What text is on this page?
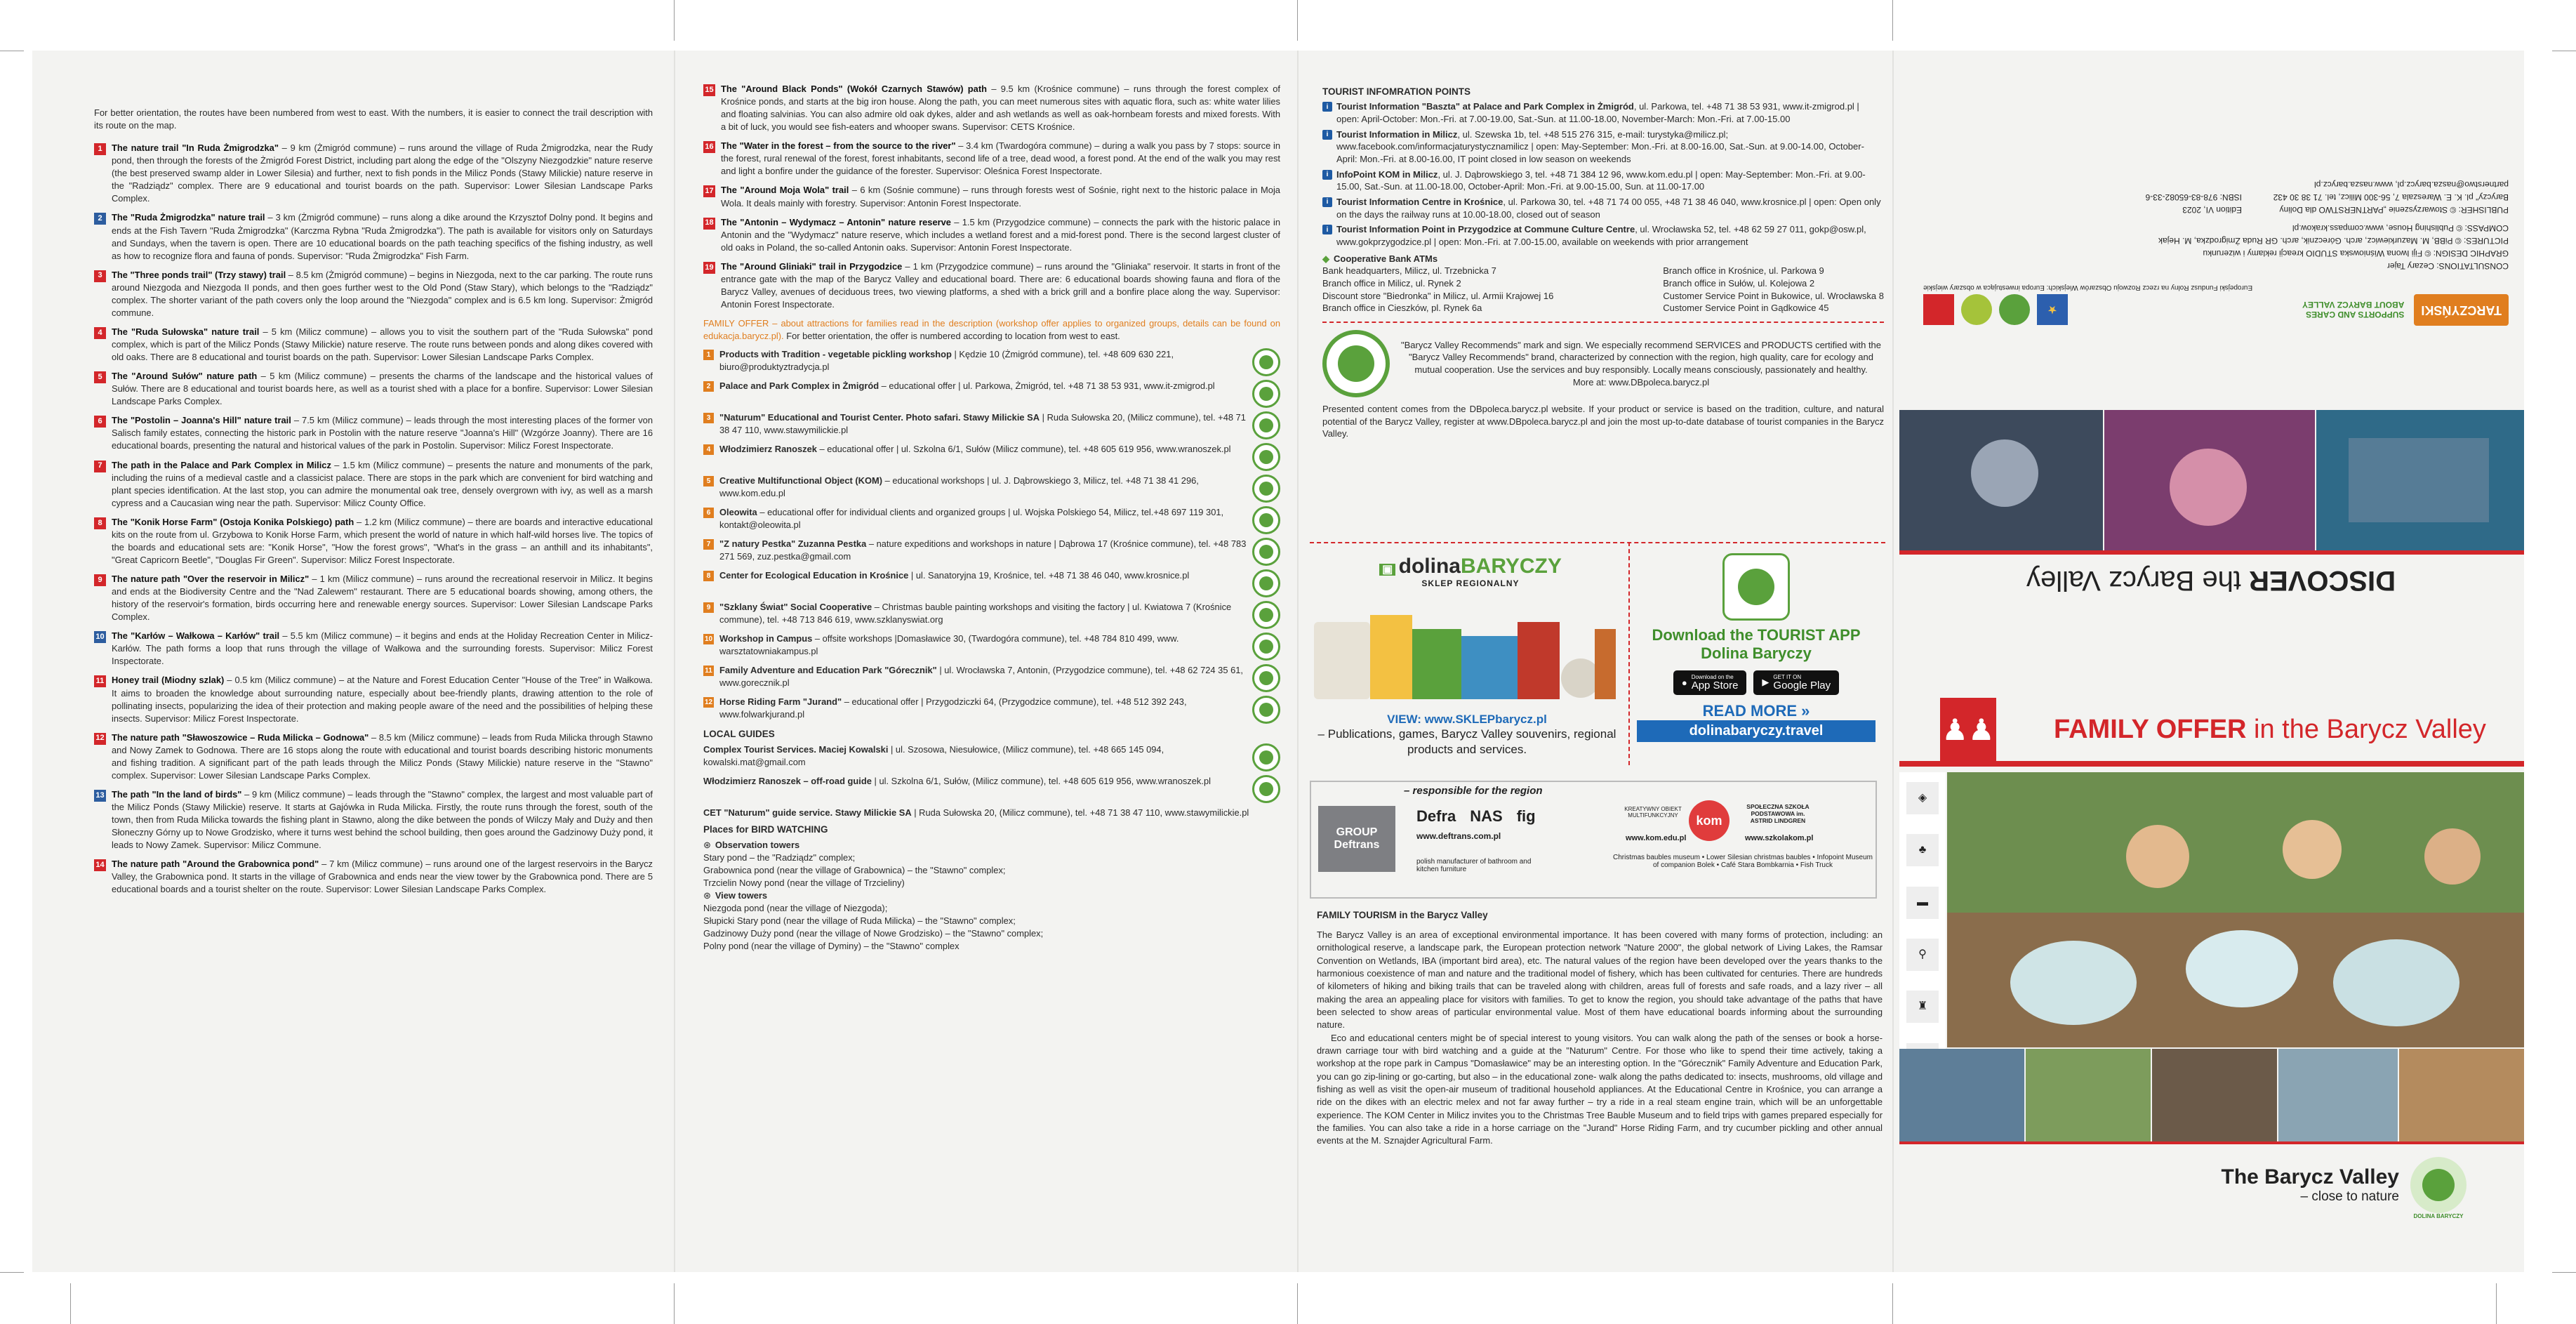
For better orientation, the routes have been numbered from west to east. With the numbers, it is easier to connect the trail description with its route on the map.

1	The nature trail "In Ruda Żmigrodzka" – 9 km (Żmigród commune) – runs around the village of Ruda Żmigrodzka, near the Rudy pond, then through the forests of the Żmigród Forest District, including part along the edge of the "Olszyny Niezgodzkie" nature reserve (the best preserved swamp alder in Lower Silesia) and further, next to fish ponds in the Milicz Ponds (Stawy Milickie) nature reserve in the "Radziądz" complex. There are 9 educational and tourist boards on the path. Supervisor: Lower Silesian Landscape Parks Complex.
2	The "Ruda Żmigrodzka" nature trail – 3 km (Żmigród commune) – runs along a dike around the Krzysztof Dolny pond. It begins and ends at the Fish Tavern "Ruda Żmigrodzka" (Karczma Rybna "Ruda Żmigrodzka"). The path is available for visitors only on Saturdays and Sundays, when the tavern is open. There are 10 educational boards on the path teaching specifics of the fishing industry, as well as how to recognize flora and fauna of ponds. Supervisor: "Ruda Żmigrodzka" Fish Farm.
3	The "Three ponds trail" (Trzy stawy) trail – 8.5 km (Żmigród commune) – begins in Niezgoda, next to the car parking. The route runs around Niezgoda and Niezgoda II ponds, and then goes further west to the Old Pond (Staw Stary), which belongs to the "Radziądz" complex. The shorter variant of the path covers only the loop around the "Niezgoda" complex and is 6.5 km long. Supervisor: Żmigród commune.
4	The "Ruda Sułowska" nature trail – 5 km (Milicz commune) – allows you to visit the southern part of the "Ruda Sułowska" pond complex, which is part of the Milicz Ponds (Stawy Milickie) nature reserve. The route runs between ponds and along dikes covered with old oaks. There are 8 educational and tourist boards on the path. Supervisor: Lower Silesian Landscape Parks Complex.
5	The "Around Sułów" nature path – 5 km (Milicz commune) – presents the charms of the landscape and the historical values of Sułów. There are 8 educational and tourist boards here, as well as a tourist shed with a place for a bonfire. Supervisor: Lower Silesian Landscape Parks Complex.
6	The "Postolin – Joanna's Hill" nature trail – 7.5 km (Milicz commune) – leads through the most interesting places of the former von Salisch family estates, connecting the historic park in Postolin with the nature reserve "Joanna's Hill" (Wzgórze Joanny). There are 16 educational boards, presenting the natural and historical values of the park in Postolin. Supervisor: Milicz Forest Inspectorate.
7	The path in the Palace and Park Complex in Milicz – 1.5 km (Milicz commune) – presents the nature and monuments of the park, including the ruins of a medieval castle and a classicist palace. There are stops in the park which are convenient for bird watching and plant species identification. At the last stop, you can admire the monumental oak tree, densely overgrown with ivy, as well as a marsh cypress and a Caucasian wing near the path. Supervisor: Milicz County Office.
8	The "Konik Horse Farm" (Ostoja Konika Polskiego) path – 1.2 km (Milicz commune) – there are boards and interactive educational kits on the route from ul. Grzybowa to Konik Horse Farm, which present the world of nature in which half-wild horses live. The topics of the boards and educational sets are: "Konik Horse", "How the forest grows", "What's in the grass – an anthill and its inhabitants", "Great Capricorn Beetle", "Douglas Fir Green". Supervisor: Milicz Forest Inspectorate.
9	The nature path "Over the reservoir in Milicz" – 1 km (Milicz commune) – runs around the recreational reservoir in Milicz. It begins and ends at the Biodiversity Centre and the "Nad Zalewem" restaurant. There are 5 educational boards showing, among others, the history of the reservoir's formation, birds occurring here and renewable energy sources. Supervisor: Lower Silesian Landscape Parks Complex.
10 The "Karłów – Wałkowa – Karłów" trail – 5.5 km (Milicz commune) – it begins and ends at the Holiday Recreation Center in Milicz- Karłów. The path forms a loop that runs through the village of Wałkowa and the surrounding forests. Supervisor: Milicz Forest Inspectorate.
11 Honey trail (Miodny szlak) – 0.5 km (Milicz commune) – at the Nature and Forest Education Center "House of the Tree" in Wałkowa. It aims to broaden the knowledge about surrounding nature, especially about bee-friendly plants, drawing attention to the role of pollinating insects, popularizing the idea of their protection and making people aware of the need and the possibilities of helping these insects. Supervisor: Milicz Forest Inspectorate.
12 The nature path "Sławoszowice – Ruda Milicka – Godnowa" – 8.5 km (Milicz commune) – leads from Ruda Milicka through Stawno and Nowy Zamek to Godnowa. There are 16 stops along the route with educational and tourist boards describing historic monuments and fishing tradition. A significant part of the path leads through the Milicz Ponds (Stawy Milickie) nature reserve in the "Stawno" complex. Supervisor: Lower Silesian Landscape Parks Complex.
13 The path "In the land of birds" – 9 km (Milicz commune) – leads through the "Stawno" complex, the largest and most valuable part of the Milicz Ponds (Stawy Milickie) reserve. It starts at Gajówka in Ruda Milicka. Firstly, the route runs through the forest, south of the town, then from Ruda Milicka towards the fishing plant in Stawno, along the dike between the ponds of Wilczy Mały and Duży and then Słoneczny Górny up to Nowe Grodzisko, where it turns west behind the school building, then goes around the Gadzinowy Duży pond, it leads to Nowy Zamek. Supervisor: Milicz Commune.
14 The nature path "Around the Grabownica pond" – 7 km (Milicz commune) – runs around one of the largest reservoirs in the Barycz Valley, the Grabownica pond. It starts in the village of Grabownica and ends near the view tower by the Grabownica pond. There are 5 educational boards and a tourist shelter on the route. Supervisor: Lower Silesian Landscape Parks Complex.
15 The "Around Black Ponds" (Wokół Czarnych Stawów) path – 9.5 km (Krośnice commune) – runs through the forest complex of Krośnice ponds, and starts at the big iron house. Along the path, you can meet numerous sites with aquatic flora, such as: white water lilies and floating salvinias. You can also admire old oak dykes, alder and ash wetlands as well as oak-hornbeam forests and mixed forests. With a bit of luck, you would see fish-eaters and whooper swans. Supervisor: CETS Krośnice.
16 The "Water in the forest – from the source to the river" – 3.4 km (Twardogóra commune) – during a walk you pass by 7 stops: source in the forest, rural renewal of the forest, forest inhabitants, second life of a tree, dead wood, a forest pond. At the end of the walk you may rest and light a bonfire under the guidance of the forester. Supervisor: Oleśnica Forest Inspectorate.
17 The "Around Moja Wola" trail – 6 km (Sośnie commune) – runs through forests west of Sośnie, right next to the historic palace in Moja Wola. It deals mainly with forestry. Supervisor: Antonin Forest Inspectorate.
18 The "Antonin – Wydymacz – Antonin" nature reserve – 1.5 km (Przygodzice commune) – connects the park with the historic palace in Antonin and the "Wydymacz" nature reserve, which includes a wetland forest and a mid-forest pond. There is the second largest cluster of old oaks in Poland, the so-called Antonin oaks. Supervisor: Antonin Forest Inspectorate.
19 The "Around Gliniaki" trail in Przygodzice – 1 km (Przygodzice commune) – runs around the "Gliniaka" reservoir. It starts in front of the entrance gate with the map of the Barycz Valley and educational board. There are: 6 educational boards showing fauna and flora of the Barycz Valley, avenues of deciduous trees, two viewing platforms, a shed with a brick grill and a bonfire place along the way. Supervisor: Antonin Forest Inspectorate.

FAMILY OFFER – about attractions for families read in the description (workshop offer applies to organized groups, details can be found on edukacja.barycz.pl). For better orientation, the offer is numbered according to location from west to east.

1 Products with Tradition - vegetable pickling workshop | Kędzie 10 (Żmigród commune), tel. +48 609 630 221, biuro@produktyztradycja.pl
2 Palace and Park Complex in Żmigród – educational offer | ul. Parkowa, Żmigród, tel. +48 71 38 53 931, www.it-zmigrod.pl
3 "Naturum" Educational and Tourist Center. Photo safari. Stawy Milickie SA | Ruda Sułowska 20, (Milicz commune), tel. +48 71 38 47 110, www.stawymilickie.pl
4 Włodzimierz Ranoszek – educational offer | ul. Szkolna 6/1, Sułów (Milicz commune), tel. +48 605 619 956, www.wranoszek.pl
5 Creative Multifunctional Object (KOM) – educational workshops | ul. J. Dąbrowskiego 3, Milicz, tel. +48 71 38 41 296, www.kom.edu.pl
6 Oleowita – educational offer for individual clients and organized groups | ul. Wojska Polskiego 54, Milicz, tel.+48 697 119 301, kontakt@oleowita.pl
7 "Z natury Pestka" Zuzanna Pestka – nature expeditions and workshops in nature | Dąbrowa 17 (Krośnice commune), tel. +48 783 271 569, zuz.pestka@gmail.com
8 Center for Ecological Education in Krośnice | ul. Sanatoryjna 19, Krośnice, tel. +48 71 38 46 040, www.krosnice.pl
9 "Szklany Świat" Social Cooperative – Christmas bauble painting workshops and visiting the factory | ul. Kwiatowa 7 (Krośnice commune), tel. +48 713 846 619, www.szklanyswiat.org
10 Workshop in Campus – offsite workshops |Domasławice 30, (Twardogóra commune), tel. +48 784 810 499, www. warsztatowniakampus.pl
11 Family Adventure and Education Park "Górecznik" | ul. Wrocławska 7, Antonin, (Przygodzice commune), tel. +48 62 724 35 61, www.gorecznik.pl
12 Horse Riding Farm "Jurand" – educational offer | Przygodziczki 64, (Przygodzice commune), tel. +48 512 392 243, www.folwarkjurand.pl
LOCAL GUIDES
Complex Tourist Services. Maciej Kowalski | ul. Szosowa, Niesułowice, (Milicz commune), tel. +48 665 145 094, kowalski.mat@gmail.com
Włodzimierz Ranoszek – off-road guide | ul. Szkolna 6/1, Sułów, (Milicz commune), tel. +48 605 619 956, www.wranoszek.pl
CET "Naturum" guide service. Stawy Milickie SA | Ruda Sułowska 20, (Milicz commune), tel. +48 71 38 47 110, www.stawymilickie.pl
Places for BIRD WATCHING
⊛ Observation towers
Stary pond – the "Radziądz" complex;
Grabownica pond (near the village of Grabownica) – the "Stawno" complex;
Trzcielin Nowy pond (near the village of Trzcieliny)
⊛ View towers
Niezgoda pond (near the village of Niezgoda);
Słupicki Stary pond (near the village of Ruda Milicka) – the "Stawno" complex;
Gadzinowy Duży pond (near the village of Nowe Grodzisko) – the "Stawno" complex;
Polny pond (near the village of Dyminy) – the "Stawno" complex
TOURIST INFOMRATION POINTS
i Tourist Information "Baszta" at Palace and Park Complex in Żmigród, ul. Parkowa, tel. +48 71 38 53 931, www.it-zmigrod.pl | open: April-October: Mon.-Fri. at 7.00-19.00, Sat.-Sun. at 11.00-18.00, November-March: Mon.-Fri. at 7.00-15.00
i Tourist Information in Milicz, ul. Szewska 1b, tel. +48 515 276 315, e-mail: turystyka@milicz.pl; www.facebook.com/informacjaturystycznamilicz | open: May-September: Mon.-Fri. at 8.00-16.00, Sat.-Sun. at 9.00-14.00, October-April: Mon.-Fri. at 8.00-16.00, IT point closed in low season on weekends
i InfoPoint KOM in Milicz, ul. J. Dąbrowskiego 3, tel. +48 71 384 12 96, www.kom.edu.pl | open: May-September: Mon.-Fri. at 9.00-15.00, Sat.-Sun. at 11.00-18.00, October-April: Mon.-Fri. at 9.00-15.00, Sun. at 11.00-17.00
i Tourist Information Centre in Krośnice, ul. Parkowa 30, tel. +48 71 74 00 055, +48 71 38 46 040, www.krosnice.pl | open: Open only on the days the railway runs at 10.00-18.00, closed out of season
i Tourist Information Point in Przygodzice at Commune Culture Centre, ul. Wrocławska 52, tel. +48 62 59 27 011, gokp@osw.pl, www.gokprzygodzice.pl | open: Mon.-Fri. at 7.00-15.00, available on weekends with prior arrangement
◆ Cooperative Bank ATMs
Bank headquarters, Milicz, ul. Trzebnicka 7
Branch office in Milicz, ul. Rynek 2
Discount store "Biedronka" in Milicz, ul. Armii Krajowej 16
Branch office in Cieszków, pl. Rynek 6a
Branch office in Krośnice, ul. Parkowa 9
Branch office in Sułów, ul. Kolejowa 2
Customer Service Point in Bukowice, ul. Wrocławska 8
Customer Service Point in Gądkowice 45

"Barycz Valley Recommends" mark and sign. We especially recommend SERVICES and PRODUCTS certified with the "Barycz Valley Recommends" brand, characterized by connection with the region, high quality, care for ecology and mutual cooperation. Use the services and buy responsibly. Locally means consciously, passionately and healthy.

More at: www.DBpoleca.barycz.pl

Presented content comes from the DBpoleca.barycz.pl website. If your product or service is based on the tradition, culture, and natural potential of the Barycz Valley, register at www.DBpoleca.barycz.pl and join the most up-to-date database of tourist companies in the Barycz Valley.

▣ dolinaBARYCZY
SKLEP REGIONALNY
VIEW: www.SKLEPbarycz.pl
– Publications, games, Barycz Valley souvenirs, regional products and services.
Download the TOURIST APP Dolina Baryczy
●
Download on the
App Store	▶ GET IT ON
Google Play
READ MORE »
dolinabaryczy.travel
– responsible for the region
GROUP Deftrans
Defra NAS fig
www.deftrans.com.pl
polish manufacturer of bathroom and kitchen furniture
KREATYWNY OBIEKT MULTIFUNKCYJNY	kom
SPOŁECZNA SZKOŁA PODSTAWOWA im. ASTRID LINDGREN
www.kom.edu.pl	www.szkolakom.pl
Christmas baubles museum • Lower Silesian christmas baubles • Infopoint Museum of companion Bolek • Café Stara Bombkarnia • Fish Truck
FAMILY TOURISM in the Barycz Valley

The Barycz Valley is an area of exceptional environmental importance. It has been covered with many forms of protection, including: an ornithological reserve, a landscape park, the European protection network "Nature 2000", the global network of Living Lakes, the Ramsar Convention on Wetlands, IBA (important bird area), etc. The natural values of the region have been developed over the years thanks to the harmonious coexistence of man and nature and the traditional model of fishery, which has been cultivated for centuries. There are hundreds of kilometers of hiking and biking trails that can be traveled along with children, areas full of forests and safe roads, and a lazy river – all making the area an appealing place for visitors with families. To get to know the region, you should take advantage of the paths that have been selected to show areas of particular environmental value. Most of them have educational boards informing about the surrounding nature.

Eco and educational centers might be of special interest to young visitors. You can walk along the path of the senses or book a horse-drawn carriage tour with bird watching and a guide at the "Naturum" Centre. For those who like to spend their time actively, taking a workshop at the rope park in Campus "Domasławice" may be an interesting option. In the "Górecznik" Family Adventure and Education Park, you can go zip-lining or go-carting, but also – in the educational zone- walk along the paths dedicated to: insects, mushrooms, old village and fishing as well as visit the open-air museum of traditional household appliances. At the Educational Centre in Krośnice, you can arrange a ride on the dikes with an electric melex and not far away further – try a ride in a real steam engine train, which will be an unforgettable experience. The KOM Center in Milicz invites you to the Christmas Tree Bauble Museum and to field trips with games prepared especially for the families. You can also take a ride in a horse carriage on the "Jurand" Horse Riding Farm, and try cucumber pickling and other annual events at the M. Sznajder Agricultural Farm.

TARCZYŃSKI
SUPPORTS AND CARES ABOUT BARYCZ VALLEY
★
Europejski Fundusz Rolny na rzecz Rozwoju Obszarów Wiejskich: Europa inwestująca w obszary wiejskie
CONSULTATIONS: Cezary Tajer
GRAPHIC DESIGN: © Fiji Iwona Wiśniowska STUDIO kreacji reklamy i wizerunku
PICTURES: © PiBB, M. Mazurkiewicz, arch. Górecznik, arch. GR Ruda Żmigrodzka, M. Hejak
COMPASS: © Publishing House, www.compass.krakow.pl
PUBLISHER: © Stowarzyszenie „PARTNERSTWO dla Doliny Baryczy" pl. K. E. Wareszala 7, 56-300 Milicz, tel. 71 38 30 432 partnerstwo@nasza.barycz.pl, www.nasza.barycz.pl
Edition VI, 2023
ISBN: 978-83-65082-33-6
DISCOVER the Barycz Valley
♟♟ FAMILY OFFER in the Barycz Valley
◈
♣
▬
⚲
♜
The Barycz Valley
– close to nature
DOLINA BARYCZY
